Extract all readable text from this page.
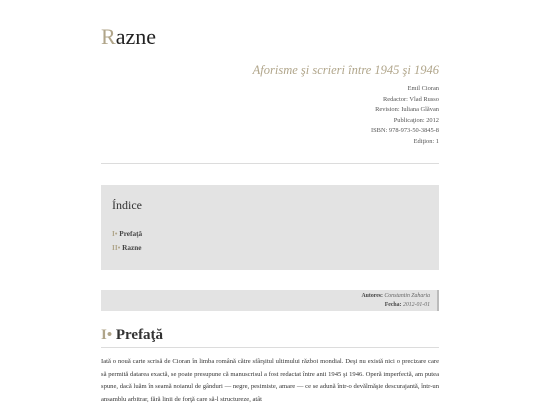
Razne
Aforisme şi scrieri între 1945 şi 1946
Emil Cioran
Redactor: Vlad Russo
Revision: Iuliana Glăvan
Publicaţion: 2012
ISBN: 978-973-50-3845-8
Ediţion: 1
Índice
I• Prefaţă
II• Razne
Autores: Constantin Zaharia
Fecha: 2012-01-01
I• Prefaţă

Iată o nouă carte scrisă de Cioran în limba română către sfârşitul ultimului război mondial. Deşi nu există nici o precizare care să permită datarea exactă, se poate presupune că manuscrisul a fost redactat între anii 1945 şi 1946. Operă imperfectă, am putea spune, dacă luăm în seamă noianul de gânduri — negre, pesimiste, amare — ce se adună într-o devălmăşie descurajantă, într-un ansamblu arbitrar, fără linii de forţă care să-l structureze, atât
